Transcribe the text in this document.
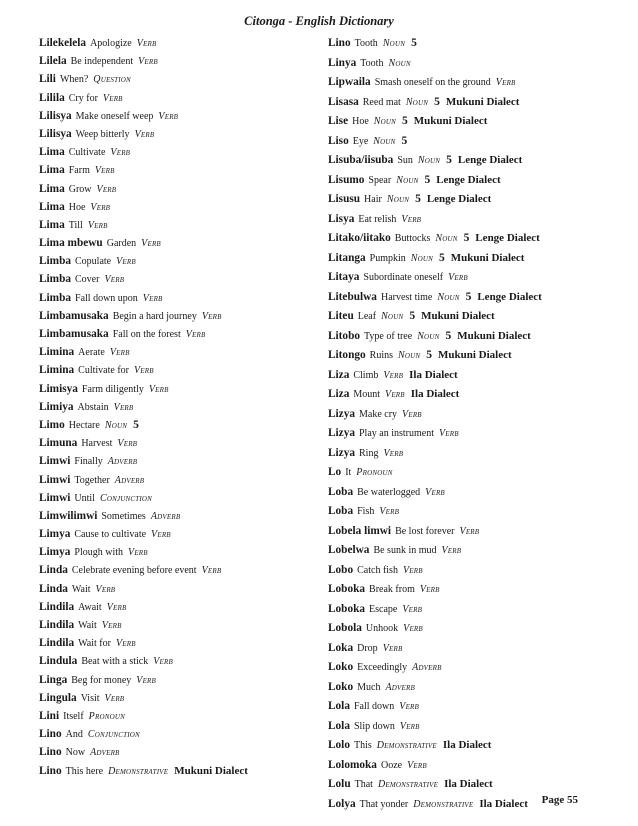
Citonga - English Dictionary
Lilekelela Apologize Verb
Lilela Be independent Verb
Lili When? Question
Lilila Cry for Verb
Lilisya Make oneself weep Verb
Lilisya Weep bitterly Verb
Lima Cultivate Verb
Lima Farm Verb
Lima Grow Verb
Lima Hoe Verb
Lima Till Verb
Lima mbewu Garden Verb
Limba Copulate Verb
Limba Cover Verb
Limba Fall down upon Verb
Limbamusaka Begin a hard journey Verb
Limbamusaka Fall on the forest Verb
Limina Aerate Verb
Limina Cultivate for Verb
Limisya Farm diligently Verb
Limiya Abstain Verb
Limo Hectare Noun 5
Limuna Harvest Verb
Limwi Finally Adverb
Limwi Together Adverb
Limwi Until Conjunction
Limwilimwi Sometimes Adverb
Limya Cause to cultivate Verb
Limya Plough with Verb
Linda Celebrate evening before event Verb
Linda Wait Verb
Lindila Await Verb
Lindila Wait Verb
Lindila Wait for Verb
Lindula Beat with a stick Verb
Linga Beg for money Verb
Lingula Visit Verb
Lini Itself Pronoun
Lino And Conjunction
Lino Now Adverb
Lino This here Demonstrative Mukuni Dialect
Lino Tooth Noun 5
Linya Tooth Noun
Lipwaila Smash oneself on the ground Verb
Lisasa Reed mat Noun 5 Mukuni Dialect
Lise Hoe Noun 5 Mukuni Dialect
Liso Eye Noun 5
Lisuba/iisuba Sun Noun 5 Lenge Dialect
Lisumo Spear Noun 5 Lenge Dialect
Lisusu Hair Noun 5 Lenge Dialect
Lisya Eat relish Verb
Litako/iitako Buttocks Noun 5 Lenge Dialect
Litanga Pumpkin Noun 5 Mukuni Dialect
Litaya Subordinate oneself Verb
Litebulwa Harvest time Noun 5 Lenge Dialect
Liteu Leaf Noun 5 Mukuni Dialect
Litobo Type of tree Noun 5 Mukuni Dialect
Litongo Ruins Noun 5 Mukuni Dialect
Liza Climb Verb Ila Dialect
Liza Mount Verb Ila Dialect
Lizya Make cry Verb
Lizya Play an instrument Verb
Lizya Ring Verb
Lo It Pronoun
Loba Be waterlogged Verb
Loba Fish Verb
Lobela limwi Be lost forever Verb
Lobelwa Be sunk in mud Verb
Lobo Catch fish Verb
Loboka Break from Verb
Loboka Escape Verb
Lobola Unhook Verb
Loka Drop Verb
Loko Exceedingly Adverb
Loko Much Adverb
Lola Fall down Verb
Lola Slip down Verb
Lolo This Demonstrative Ila Dialect
Lolomoka Ooze Verb
Lolu That Demonstrative Ila Dialect
Lolya That yonder Demonstrative Ila Dialect	Page 55
